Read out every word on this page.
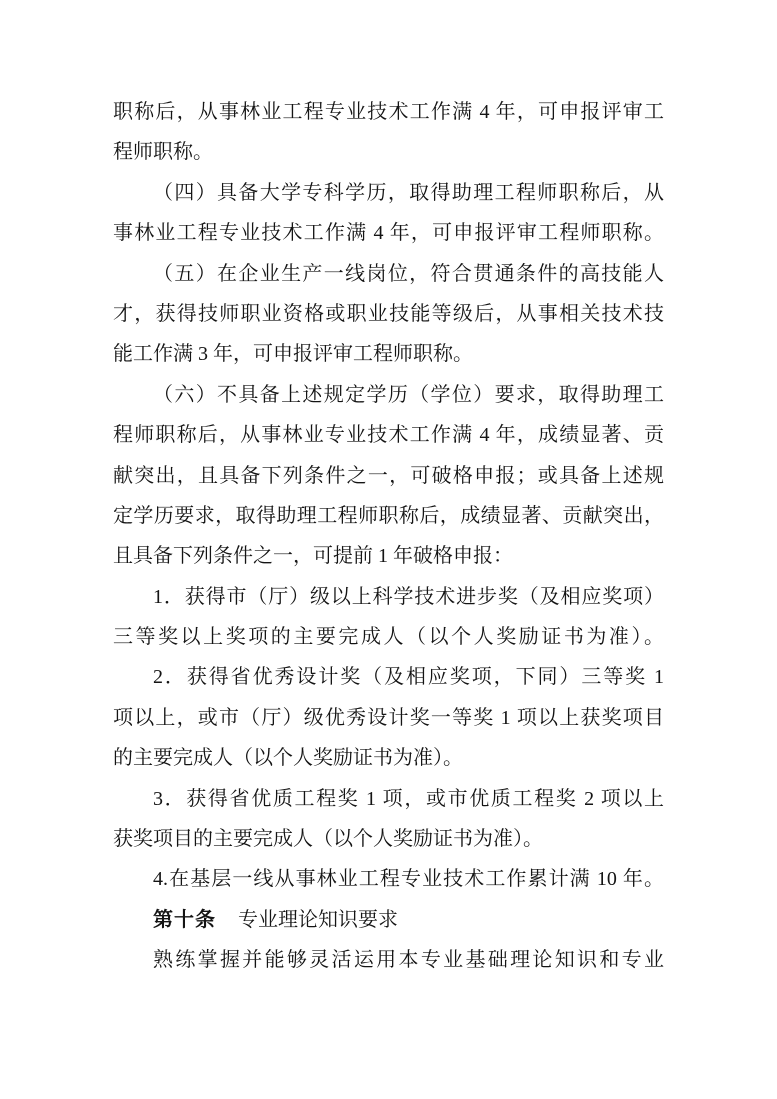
职称后，从事林业工程专业技术工作满 4 年，可申报评审工
程师职称。
（四）具备大学专科学历，取得助理工程师职称后，从
事林业工程专业技术工作满 4 年，可申报评审工程师职称。
（五）在企业生产一线岗位，符合贯通条件的高技能人
才，获得技师职业资格或职业技能等级后，从事相关技术技
能工作满 3 年，可申报评审工程师职称。
（六）不具备上述规定学历（学位）要求，取得助理工
程师职称后，从事林业专业技术工作满 4 年，成绩显著、贡
献突出，且具备下列条件之一，可破格申报；或具备上述规
定学历要求，取得助理工程师职称后，成绩显著、贡献突出，
且具备下列条件之一，可提前 1 年破格申报：
1．获得市（厅）级以上科学技术进步奖（及相应奖项）
三等奖以上奖项的主要完成人（以个人奖励证书为准）。
2．获得省优秀设计奖（及相应奖项，下同）三等奖 1
项以上，或市（厅）级优秀设计奖一等奖 1 项以上获奖项目
的主要完成人（以个人奖励证书为准）。
3．获得省优质工程奖 1 项，或市优质工程奖 2 项以上
获奖项目的主要完成人（以个人奖励证书为准）。
4.在基层一线从事林业工程专业技术工作累计满 10 年。
第十条 专业理论知识要求
熟练掌握并能够灵活运用本专业基础理论知识和专业
